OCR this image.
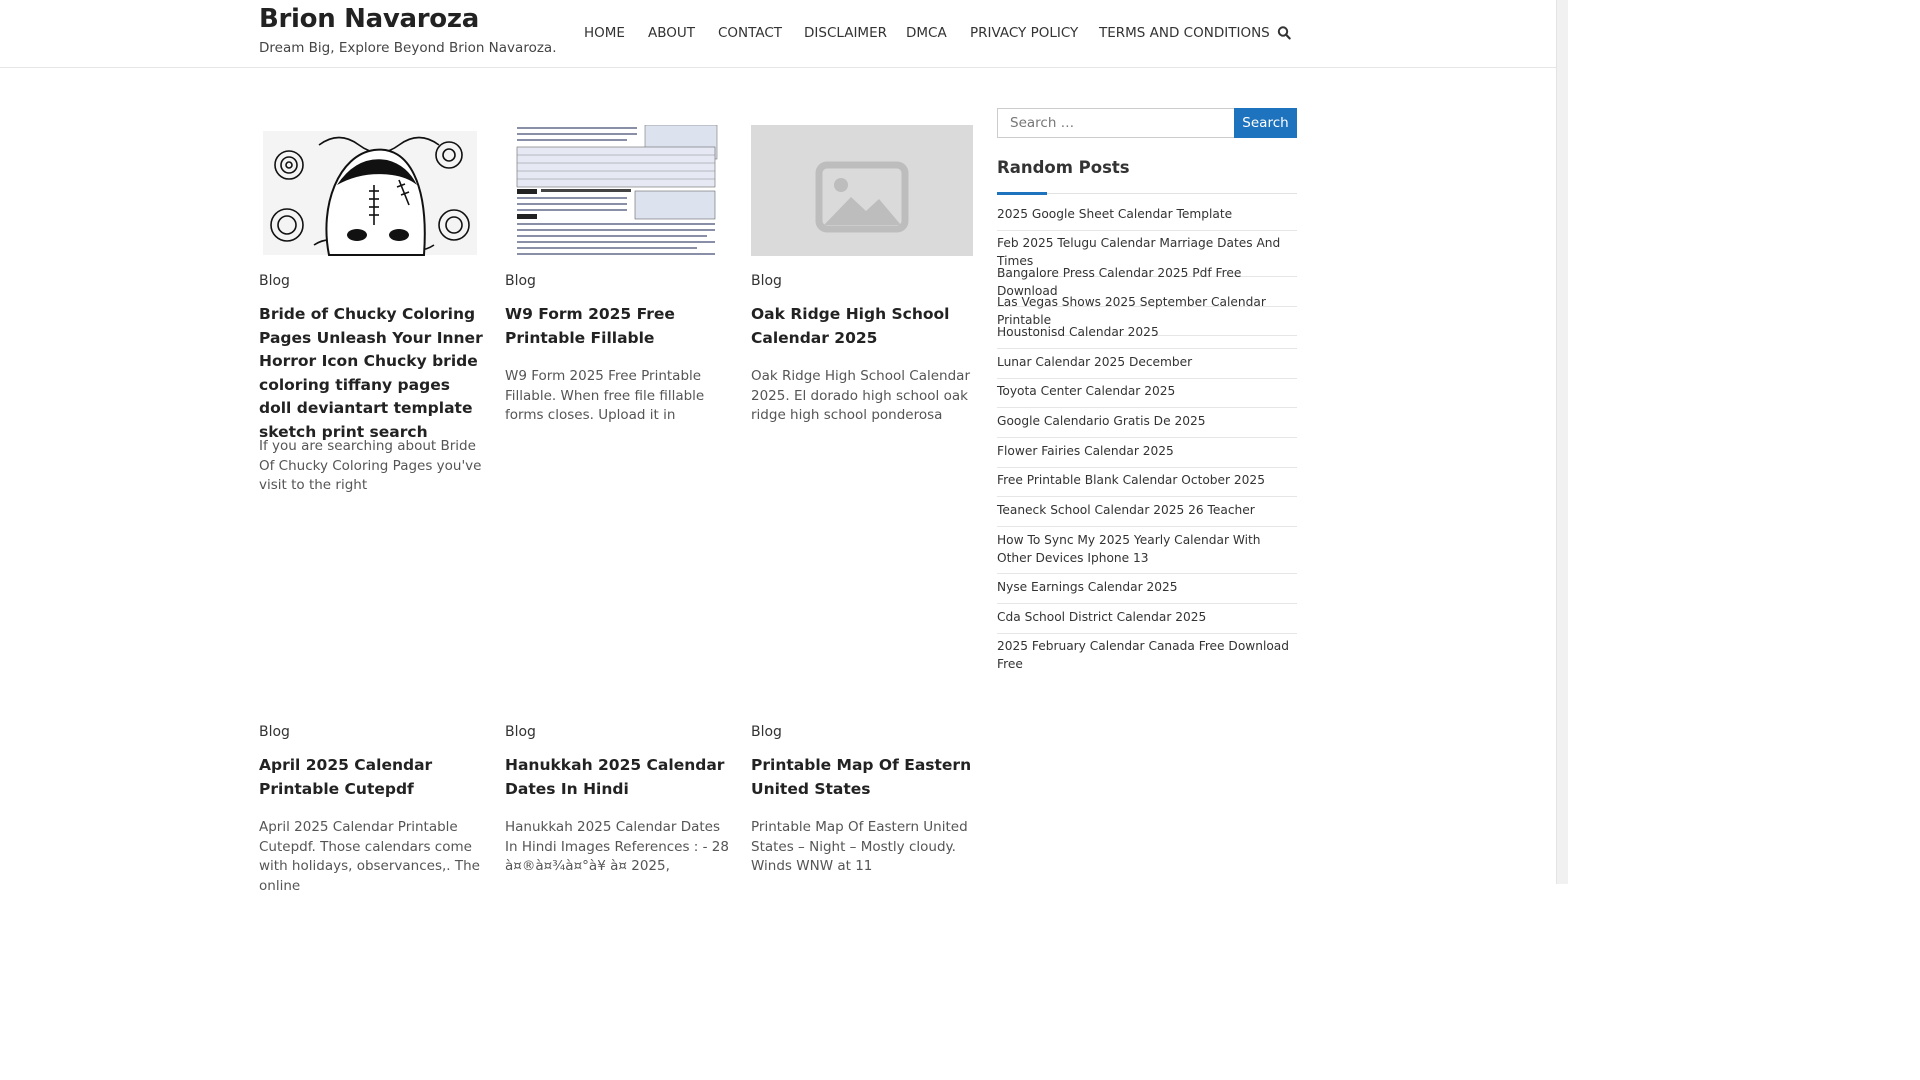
Brion Navaroza
Dream Big, Explore Beyond Brion Navaroza.
HOME ABOUT CONTACT DISCLAIMER DMCA PRIVACY POLICY TERMS AND CONDITIONS
Blog
Bride of Chucky Coloring Pages Unleash Your Inner Horror Icon Chucky bride coloring tiffany pages doll deviantart template sketch print search
If you are searching about Bride Of Chucky Coloring Pages you've visit to the right
W9 Form 2025 Free Printable Fillable
Blog
W9 Form 2025 Free Printable Fillable. When free file fillable forms closes. Upload it in
Blog
Oak Ridge High School Calendar 2025
Oak Ridge High School Calendar 2025. El dorado high school oak ridge high school ponderosa
Blog
April 2025 Calendar Printable Cutepdf
April 2025 Calendar Printable Cutepdf. Those calendars come with holidays, observances,. The online
Blog
Hanukkah 2025 Calendar Dates In Hindi
Hanukkah 2025 Calendar Dates In Hindi Images References : - 28 à¤®à¤¾à¤°à¥ à¤ 2025,
Blog
Printable Map Of Eastern United States
Printable Map Of Eastern United States – Night – Mostly cloudy. Winds WNW at 11
Search …
Search
Random Posts
2025 Google Sheet Calendar Template
Feb 2025 Telugu Calendar Marriage Dates And Times
Bangalore Press Calendar 2025 Pdf Free Download
Las Vegas Shows 2025 September Calendar Printable
Houstonisd Calendar 2025
Lunar Calendar 2025 December
Toyota Center Calendar 2025
Google Calendario Gratis De 2025
Flower Fairies Calendar 2025
Free Printable Blank Calendar October 2025
Teaneck School Calendar 2025 26 Teacher
How To Sync My 2025 Yearly Calendar With Other Devices Iphone 13
Nyse Earnings Calendar 2025
Cda School District Calendar 2025
2025 February Calendar Canada Free Download Free
